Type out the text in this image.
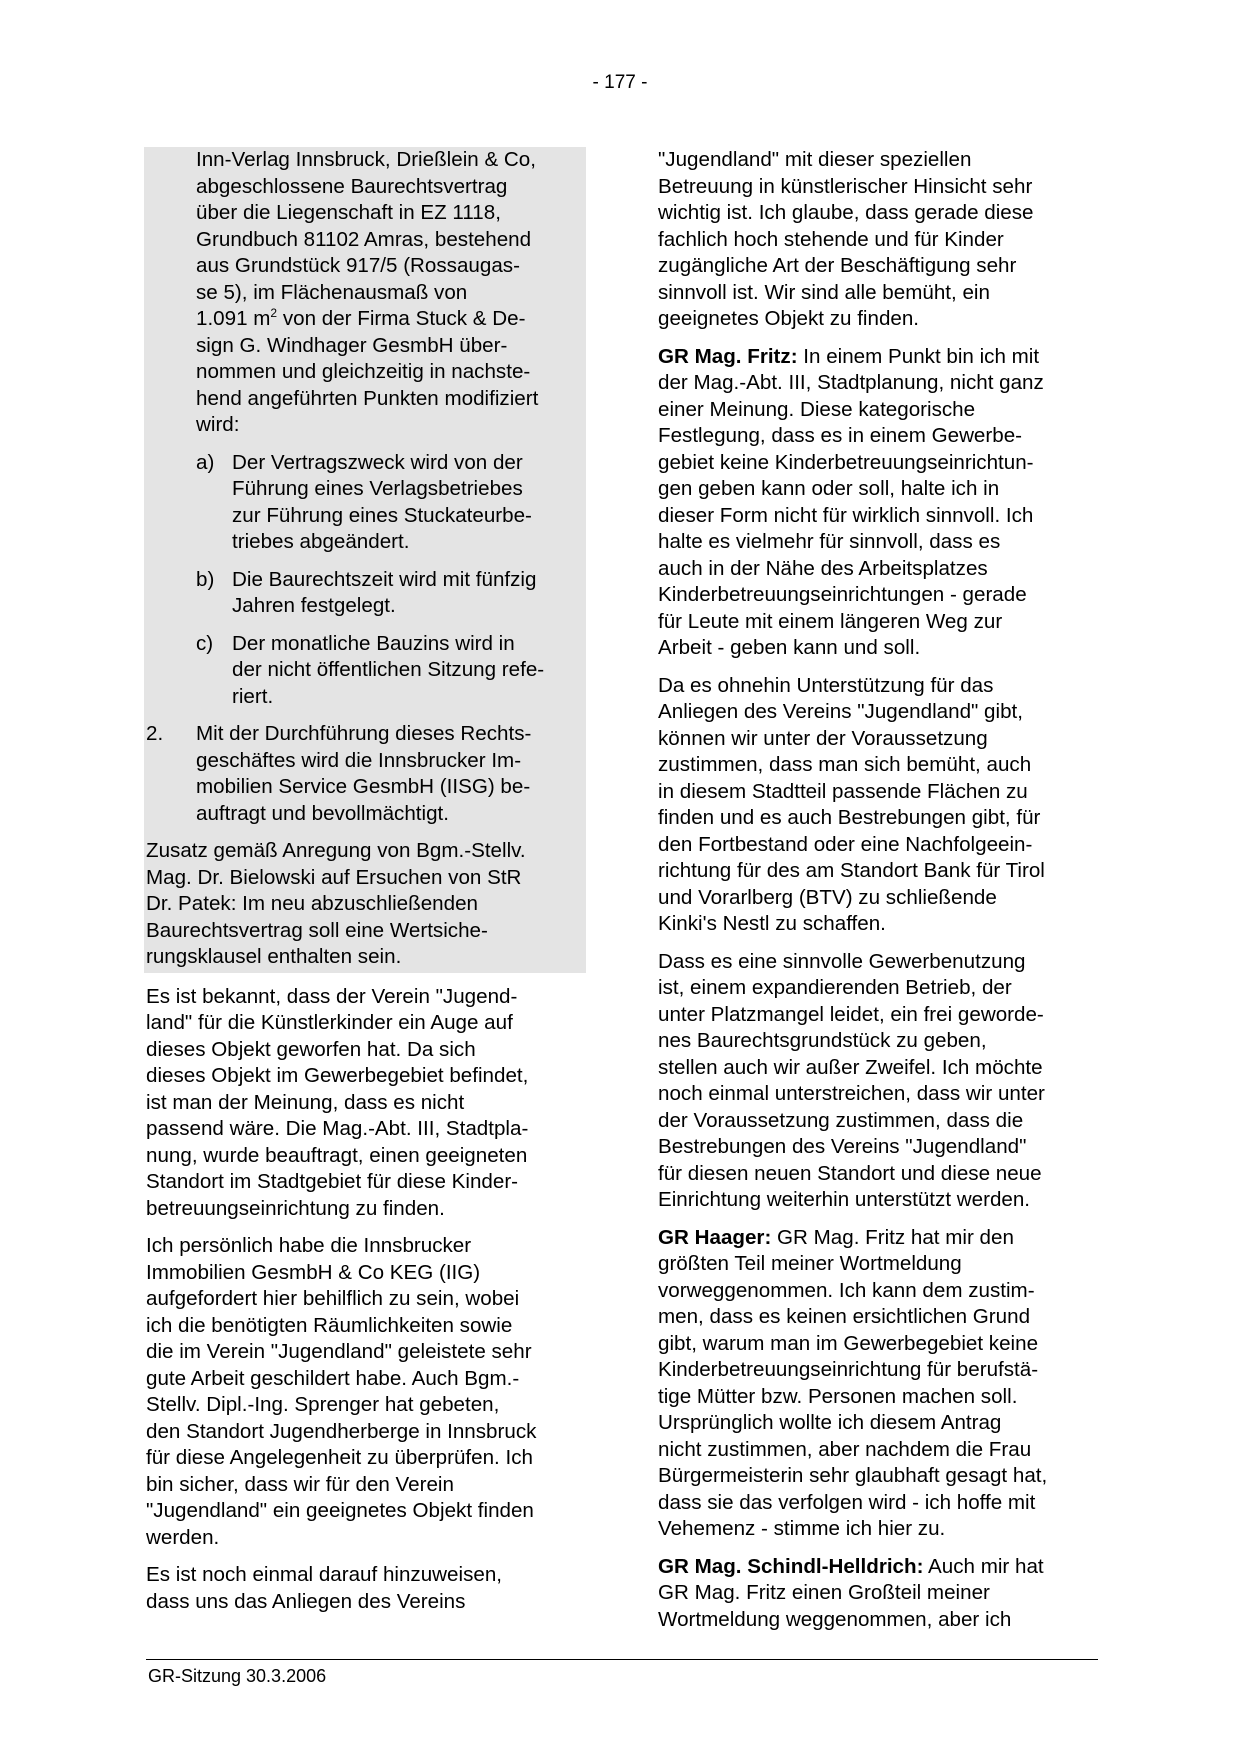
- 177 -
Inn-Verlag Innsbruck, Drießlein & Co,
abgeschlossene Baurechtsvertrag
über die Liegenschaft in EZ 1118,
Grundbuch 81102 Amras, bestehend
aus Grundstück 917/5 (Rossaugas-
se 5), im Flächenausmaß von
1.091 $m^2$ von der Firma Stuck & De-
sign G. Windhager GesmbH über-
nommen und gleichzeitig in nachste-
hend angeführten Punkten modifiziert
wird:
a) Der Vertragszweck wird von der
Führung eines Verlagsbetriebes
zur Führung eines Stuckateurbe-
triebes abgeändert.
b) Die Baurechtszeit wird mit fünfzig
Jahren festgelegt.
c) Der monatliche Bauzins wird in
der nicht öffentlichen Sitzung refe-
riert.
2.	Mit der Durchführung dieses Rechts-
geschäftes wird die Innsbrucker Im-
mobilien Service GesmbH (IISG) be-
auftragt und bevollmächtigt.

Zusatz gemäß Anregung von Bgm.-Stellv.
Mag. Dr. Bielowski auf Ersuchen von StR
Dr. Patek: Im neu abzuschließenden
Baurechtsvertrag soll eine Wertsiche-
rungsklausel enthalten sein.

Es ist bekannt, dass der Verein "Jugend-
land" für die Künstlerkinder ein Auge auf
dieses Objekt geworfen hat. Da sich
dieses Objekt im Gewerbegebiet befindet,
ist man der Meinung, dass es nicht
passend wäre. Die Mag.-Abt. III, Stadtpla-
nung, wurde beauftragt, einen geeigneten
Standort im Stadtgebiet für diese Kinder-
betreuungseinrichtung zu finden.

Ich persönlich habe die Innsbrucker
Immobilien GesmbH & Co KEG (IIG)
aufgefordert hier behilflich zu sein, wobei
ich die benötigten Räumlichkeiten sowie
die im Verein "Jugendland" geleistete sehr
gute Arbeit geschildert habe. Auch Bgm.-
Stellv. Dipl.-Ing. Sprenger hat gebeten,
den Standort Jugendherberge in Innsbruck
für diese Angelegenheit zu überprüfen. Ich
bin sicher, dass wir für den Verein
"Jugendland" ein geeignetes Objekt finden
werden.

Es ist noch einmal darauf hinzuweisen,
dass uns das Anliegen des Vereins

"Jugendland" mit dieser speziellen
Betreuung in künstlerischer Hinsicht sehr
wichtig ist. Ich glaube, dass gerade diese
fachlich hoch stehende und für Kinder
zugängliche Art der Beschäftigung sehr
sinnvoll ist. Wir sind alle bemüht, ein
geeignetes Objekt zu finden.

GR Mag. Fritz: In einem Punkt bin ich mit
der Mag.-Abt. III, Stadtplanung, nicht ganz
einer Meinung. Diese kategorische
Festlegung, dass es in einem Gewerbe-
gebiet keine Kinderbetreuungseinrichtun-
gen geben kann oder soll, halte ich in
dieser Form nicht für wirklich sinnvoll. Ich
halte es vielmehr für sinnvoll, dass es
auch in der Nähe des Arbeitsplatzes
Kinderbetreuungseinrichtungen - gerade
für Leute mit einem längeren Weg zur
Arbeit - geben kann und soll.

Da es ohnehin Unterstützung für das
Anliegen des Vereins "Jugendland" gibt,
können wir unter der Voraussetzung
zustimmen, dass man sich bemüht, auch
in diesem Stadtteil passende Flächen zu
finden und es auch Bestrebungen gibt, für
den Fortbestand oder eine Nachfolgeein-
richtung für des am Standort Bank für Tirol
und Vorarlberg (BTV) zu schließende
Kinki's Nestl zu schaffen.

Dass es eine sinnvolle Gewerbenutzung
ist, einem expandierenden Betrieb, der
unter Platzmangel leidet, ein frei geworde-
nes Baurechtsgrundstück zu geben,
stellen auch wir außer Zweifel. Ich möchte
noch einmal unterstreichen, dass wir unter
der Voraussetzung zustimmen, dass die
Bestrebungen des Vereins "Jugendland"
für diesen neuen Standort und diese neue
Einrichtung weiterhin unterstützt werden.

GR Haager: GR Mag. Fritz hat mir den
größten Teil meiner Wortmeldung
vorweggenommen. Ich kann dem zustim-
men, dass es keinen ersichtlichen Grund
gibt, warum man im Gewerbegebiet keine
Kinderbetreuungseinrichtung für berufstä-
tige Mütter bzw. Personen machen soll.
Ursprünglich wollte ich diesem Antrag
nicht zustimmen, aber nachdem die Frau
Bürgermeisterin sehr glaubhaft gesagt hat,
dass sie das verfolgen wird - ich hoffe mit
Vehemenz - stimme ich hier zu.

GR Mag. Schindl-Helldrich: Auch mir hat
GR Mag. Fritz einen Großteil meiner
Wortmeldung weggenommen, aber ich

GR-Sitzung 30.3.2006
